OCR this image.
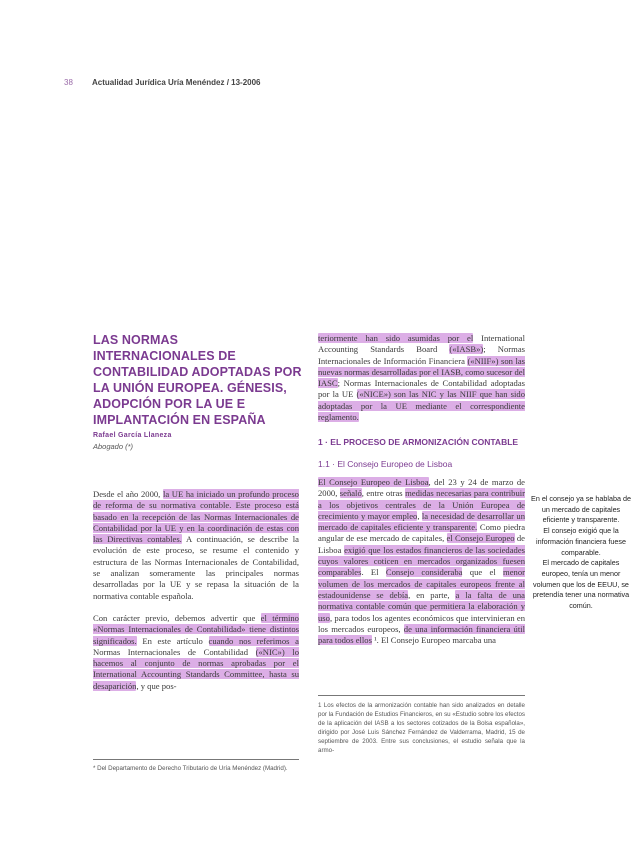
38 Actualidad Jurídica Uría Menéndez / 13-2006
LAS NORMAS INTERNACIONALES DE CONTABILIDAD ADOPTADAS POR LA UNIÓN EUROPEA. GÉNESIS, ADOPCIÓN POR LA UE E IMPLANTACIÓN EN ESPAÑA
Rafael García Llaneza
Abogado (*)

Desde el año 2000, la UE ha iniciado un profundo proceso de reforma de su normativa contable. Este proceso está basado en la recepción de las Normas Internacionales de Contabilidad por la UE y en la coordinación de estas con las Directivas contables. A continuación, se describe la evolución de este proceso, se resume el contenido y estructura de las Normas Internacionales de Contabilidad, se analizan someramente las principales normas desarrolladas por la UE y se repasa la situación de la normativa contable española.

Con carácter previo, debemos advertir que el término «Normas Internacionales de Contabilidad» tiene distintos significados. En este artículo cuando nos referimos a Normas Internacionales de Contabilidad («NIC») lo hacemos al conjunto de normas aprobadas por el International Accounting Standards Committee, hasta su desaparición, y que pos-

teriormente han sido asumidas por el International Accounting Standards Board («IASB»); Normas Internacionales de Información Financiera («NIIF») son las nuevas normas desarrolladas por el IASB, como sucesor del IASC; Normas Internacionales de Contabilidad adoptadas por la UE («NICE») son las NIC y las NIIF que han sido adoptadas por la UE mediante el correspondiente reglamento.

1 · EL PROCESO DE ARMONIZACIÓN CONTABLE
1.1 · El Consejo Europeo de Lisboa

El Consejo Europeo de Lisboa, del 23 y 24 de marzo de 2000, señaló, entre otras medidas necesarias para contribuir a los objetivos centrales de la Unión Europea de crecimiento y mayor empleo, la necesidad de desarrollar un mercado de capitales eficiente y transparente. Como piedra angular de ese mercado de capitales, el Consejo Europeo de Lisboa exigió que los estados financieros de las sociedades cuyos valores coticen en mercados organizados fuesen comparables. El Consejo consideraba que el menor volumen de los mercados de capitales europeos frente al estadounidense se debía, en parte, a la falta de una normativa contable común que permitiera la elaboración y uso, para todos los agentes económicos que intervinieran en los mercados europeos, de una información financiera útil para todos ellos ¹. El Consejo Europeo marcaba una

En el consejo ya se hablaba de un mercado de capitales eficiente y transparente.
El consejo exigió que la información financiera fuese comparable.
El mercado de capitales europeo, tenía un menor volumen que los de EEUU, se pretendía tener una normativa común.
* Del Departamento de Derecho Tributario de Uría Menéndez (Madrid).
1 Los efectos de la armonización contable han sido analizados en detalle por la Fundación de Estudios Financieros, en su «Estudio sobre los efectos de la aplicación del IASB a los sectores cotizados de la Bolsa española», dirigido por José Luis Sánchez Fernández de Valderrama, Madrid, 15 de septiembre de 2003. Entre sus conclusiones, el estudio señala que la armo-
